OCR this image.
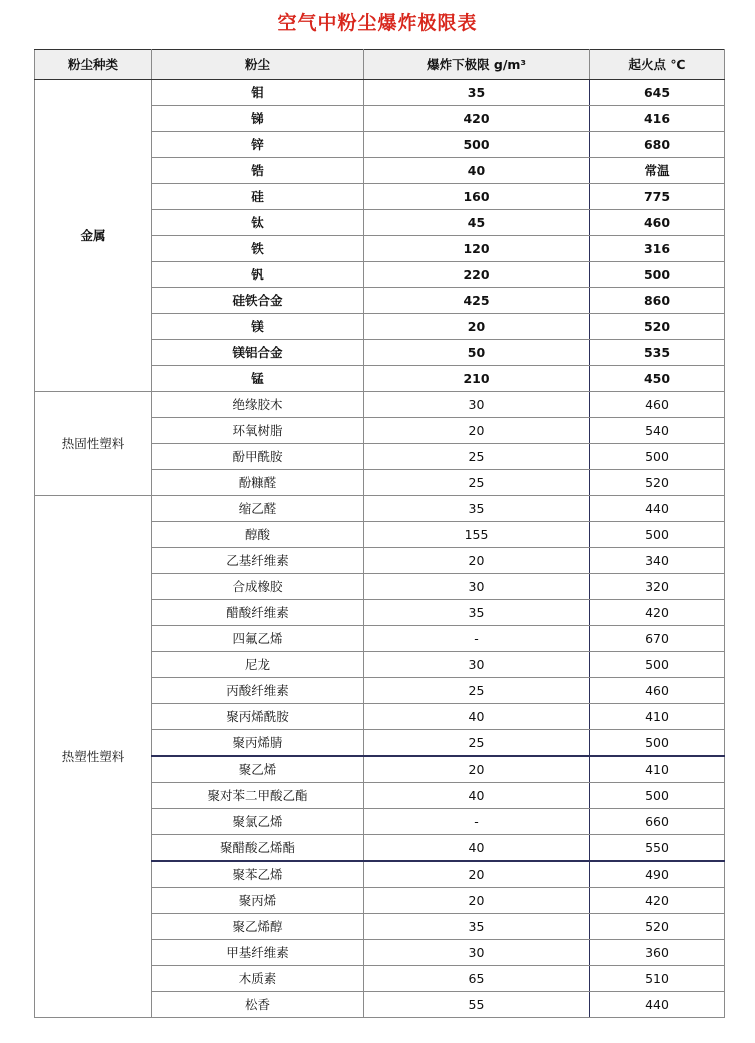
空气中粉尘爆炸极限表
粉尘种类	粉尘	爆炸下极限 g/m³	起火点 ℃
金属	钼	35	645
	锑	420	416
	锌	500	680
	锆	40	常温
	硅	160	775
	钛	45	460
	铁	120	316
	钒	220	500
	硅铁合金	425	860
	镁	20	520
	镁铝合金	50	535
	锰	210	450
热固性塑料	绝缘胶木	30	460
	环氧树脂	20	540
	酚甲酰胺	25	500
	酚糠醛	25	520
热塑性塑料	缩乙醛	35	440
	醇酸	155	500
	乙基纤维素	20	340
	合成橡胶	30	320
	醋酸纤维素	35	420
	四氟乙烯	-	670
	尼龙	30	500
	丙酸纤维素	25	460
	聚丙烯酰胺	40	410
	聚丙烯腈	25	500
	聚乙烯	20	410
	聚对苯二甲酸乙酯	40	500
	聚氯乙烯	-	660
	聚醋酸乙烯酯	40	550
	聚苯乙烯	20	490
	聚丙烯	20	420
	聚乙烯醇	35	520
	甲基纤维素	30	360
	木质素	65	510
	松香	55	440
